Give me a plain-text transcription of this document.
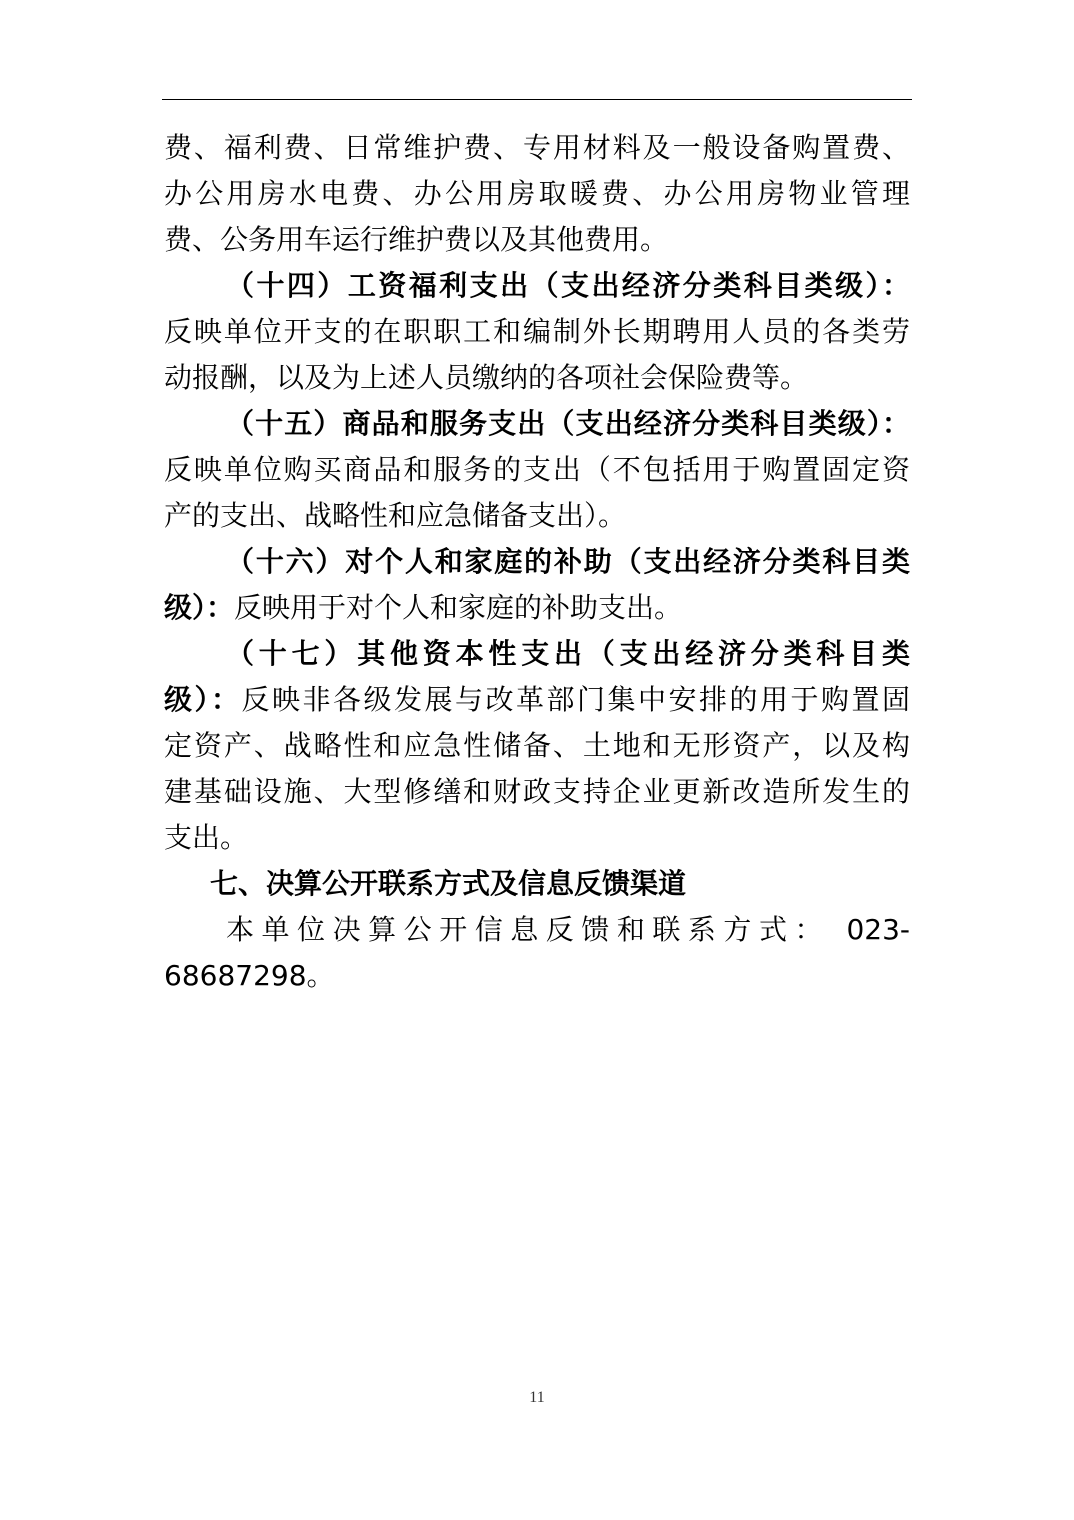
费、福利费、日常维护费、专用材料及一般设备购置费、
办公用房水电费、办公用房取暖费、办公用房物业管理
费、公务用车运行维护费以及其他费用。
（十四）工资福利支出（支出经济分类科目类级）：
反映单位开支的在职职工和编制外长期聘用人员的各类劳
动报酬，以及为上述人员缴纳的各项社会保险费等。
（十五）商品和服务支出（支出经济分类科目类级）：
反映单位购买商品和服务的支出（不包括用于购置固定资
产的支出、战略性和应急储备支出）。
（十六）对个人和家庭的补助（支出经济分类科目类
级）：反映用于对个人和家庭的补助支出。
（十七）其他资本性支出（支出经济分类科目类
级）：反映非各级发展与改革部门集中安排的用于购置固
定资产、战略性和应急性储备、土地和无形资产，以及构
建基础设施、大型修缮和财政支持企业更新改造所发生的
支出。
七、决算公开联系方式及信息反馈渠道
本单位决算公开信息反馈和联系方式： 023-
68687298。
11
